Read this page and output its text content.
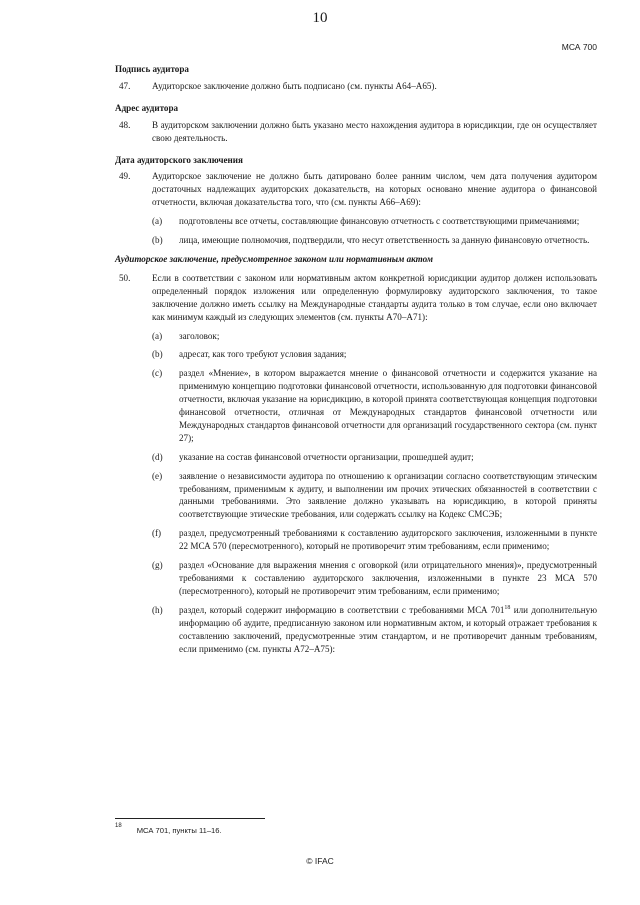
10
МСА 700
Подпись аудитора
47.	Аудиторское заключение должно быть подписано (см. пункты А64–А65).
Адрес аудитора
48.	В аудиторском заключении должно быть указано место нахождения аудитора в юрисдикции, где он осуществляет свою деятельность.
Дата аудиторского заключения
49.	Аудиторское заключение не должно быть датировано более ранним числом, чем дата получения аудитором достаточных надлежащих аудиторских доказательств, на которых основано мнение аудитора о финансовой отчетности, включая доказательства того, что (см. пункты А66–А69):
(a)	подготовлены все отчеты, составляющие финансовую отчетность с соответствующими примечаниями;
(b)	лица, имеющие полномочия, подтвердили, что несут ответственность за данную финансовую отчетность.
Аудиторское заключение, предусмотренное законом или нормативным актом
50.	Если в соответствии с законом или нормативным актом конкретной юрисдикции аудитор должен использовать определенный порядок изложения или определенную формулировку аудиторского заключения, то такое заключение должно иметь ссылку на Международные стандарты аудита только в том случае, если оно включает как минимум каждый из следующих элементов (см. пункты А70–А71):
(a)	заголовок;
(b)	адресат, как того требуют условия задания;
(c)	раздел «Мнение», в котором выражается мнение о финансовой отчетности и содержится указание на применимую концепцию подготовки финансовой отчетности, использованную для подготовки финансовой отчетности, включая указание на юрисдикцию, в которой принята соответствующая концепция подготовки финансовой отчетности, отличная от Международных стандартов финансовой отчетности или Международных стандартов финансовой отчетности для организаций государственного сектора (см. пункт 27);
(d)	указание на состав финансовой отчетности организации, прошедшей аудит;
(e)	заявление о независимости аудитора по отношению к организации согласно соответствующим этическим требованиям, применимым к аудиту, и выполнении им прочих этических обязанностей в соответствии с данными требованиями. Это заявление должно указывать на юрисдикцию, в которой приняты соответствующие этические требования, или содержать ссылку на Кодекс СМСЭБ;
(f)	раздел, предусмотренный требованиями к составлению аудиторского заключения, изложенными в пункте 22 МСА 570 (пересмотренного), который не противоречит этим требованиям, если применимо;
(g)	раздел «Основание для выражения мнения с оговоркой (или отрицательного мнения)», предусмотренный требованиями к составлению аудиторского заключения, изложенными в пункте 23 МСА 570 (пересмотренного), который не противоречит этим требованиям, если применимо;
(h)	раздел, который содержит информацию в соответствии с требованиями МСА $701^{18}$ или дополнительную информацию об аудите, предписанную законом или нормативным актом, и который отражает требования к составлению заключений, предусмотренные этим стандартом, и не противоречит данным требованиям, если применимо (см. пункты А72–А75):
18 МСА 701, пункты 11–16.
© IFAC
